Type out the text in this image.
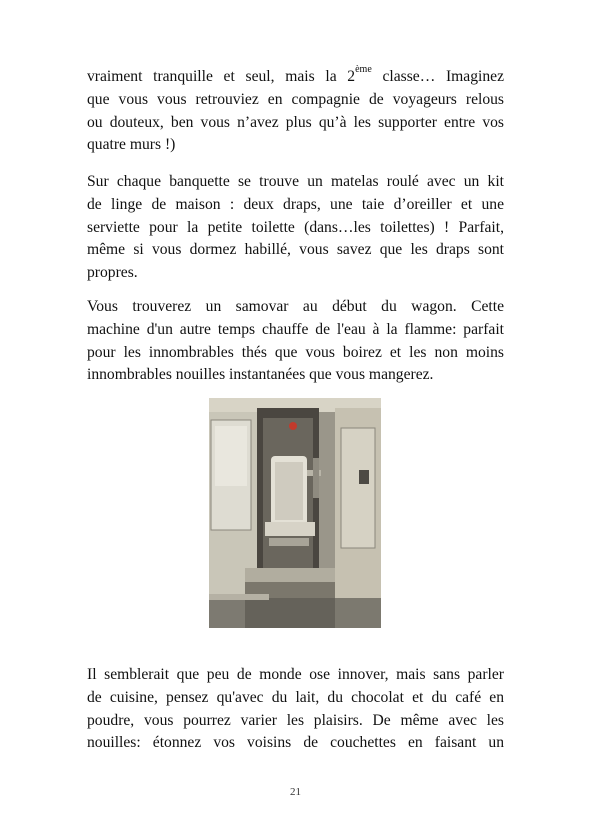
vraiment tranquille et seul, mais la 2ème classe… Imaginez
que vous vous retrouviez en compagnie de voyageurs relous
ou douteux, ben vous n’avez plus qu’à les supporter entre vos
quatre murs !)
Sur chaque banquette se trouve un matelas roulé avec un kit
de linge de maison : deux draps, une taie d’oreiller et une
serviette pour la petite toilette (dans…les toilettes) ! Parfait,
même si vous dormez habillé, vous savez que les draps sont
propres.
Vous trouverez un samovar au début du wagon. Cette
machine d'un autre temps chauffe de l'eau à la flamme: parfait
pour les innombrables thés que vous boirez et les non moins
innombrables nouilles instantanées que vous mangerez.
Il semblerait que peu de monde ose innover, mais sans parler
de cuisine, pensez qu'avec du lait, du chocolat et du café en
poudre, vous pourrez varier les plaisirs. De même avec les
nouilles: étonnez vos voisins de couchettes en faisant un
21
